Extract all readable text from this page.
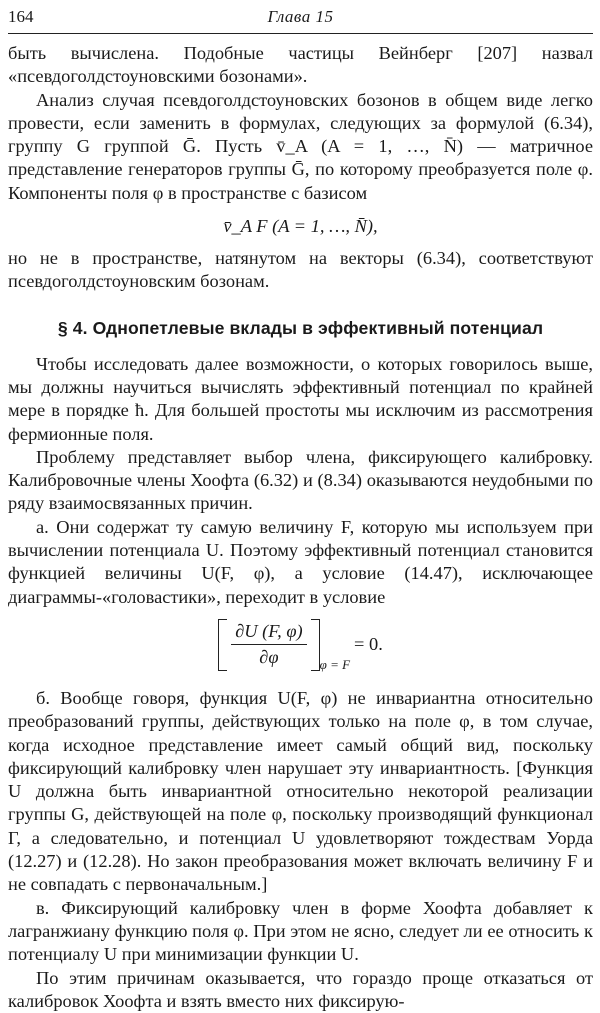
164	Глава 15

быть вычислена. Подобные частицы Вейнберг [207] назвал «псевдоголдстоуновскими бозонами».

Анализ случая псевдоголдстоуновских бозонов в общем виде легко провести, если заменить в формулах, следующих за формулой (6.34), группу G группой Ḡ. Пусть v̄_A (A = 1, …, N̄) — матричное представление генераторов группы Ḡ, по которому преобразуется поле φ. Компоненты поля φ в пространстве с базисом

v̄_A F (A = 1, …, N̄),

но не в пространстве, натянутом на векторы (6.34), соответствуют псевдоголдстоуновским бозонам.

§ 4. Однопетлевые вклады в эффективный потенциал

Чтобы исследовать далее возможности, о которых говорилось выше, мы должны научиться вычислять эффективный потенциал по крайней мере в порядке ħ. Для большей простоты мы исключим из рассмотрения фермионные поля.

Проблему представляет выбор члена, фиксирующего калибровку. Калибровочные члены Хоофта (6.32) и (8.34) оказываются неудобными по ряду взаимосвязанных причин.

а. Они содержат ту самую величину F, которую мы используем при вычислении потенциала U. Поэтому эффективный потенциал становится функцией величины U(F, φ), а условие (14.47), исключающее диаграммы-«головастики», переходит в условие

$\frac{\partial U (F, \varphi)}{\partial\varphi}$ φ = F
= 0.

б. Вообще говоря, функция U(F, φ) не инвариантна относительно преобразований группы, действующих только на поле φ, в том случае, когда исходное представление имеет самый общий вид, поскольку фиксирующий калибровку член нарушает эту инвариантность. [Функция U должна быть инвариантной относительно некоторой реализации группы G, действующей на поле φ, поскольку производящий функционал Γ, а следовательно, и потенциал U удовлетворяют тождествам Уорда (12.27) и (12.28). Но закон преобразования может включать величину F и не совпадать с первоначальным.]

в. Фиксирующий калибровку член в форме Хоофта добавляет к лагранжиану функцию поля φ. При этом не ясно, следует ли ее относить к потенциалу U при минимизации функции U.

По этим причинам оказывается, что гораздо проще отказаться от калибровок Хоофта и взять вместо них фиксирую-
